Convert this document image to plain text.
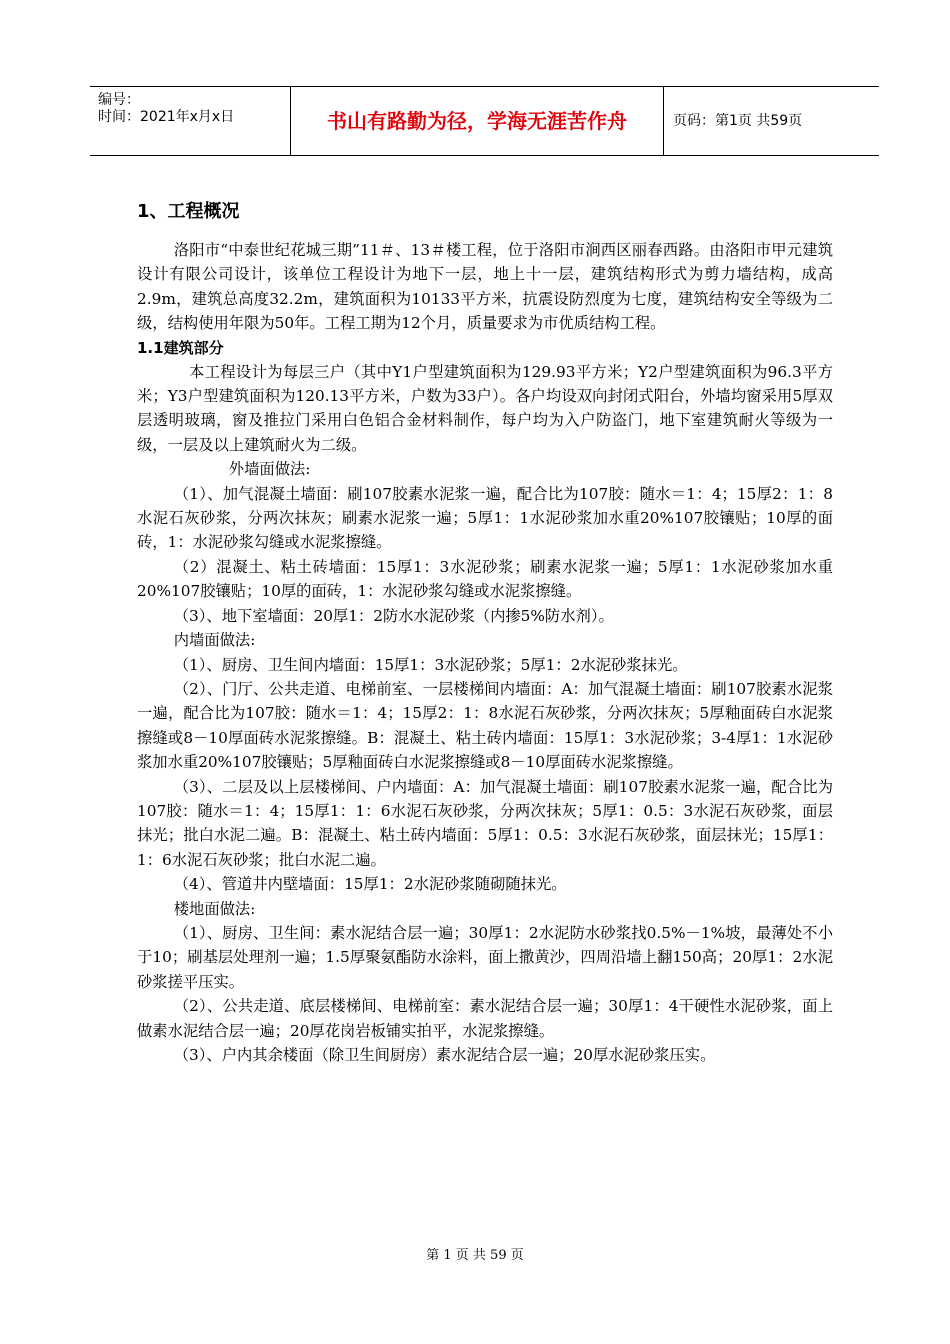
编号：
时间：2021年x月x日	书山有路勤为径，学海无涯苦作舟	页码：第1页 共59页
1、工程概况

洛阳市“中泰世纪花城三期”11＃、13＃楼工程，位于洛阳市涧西区丽春西路。由洛阳市甲元建筑设计有限公司设计，该单位工程设计为地下一层，地上十一层，建筑结构形式为剪力墙结构，成高2.9m，建筑总高度32.2m，建筑面积为10133平方米，抗震设防烈度为七度，建筑结构安全等级为二级，结构使用年限为50年。工程工期为12个月，质量要求为市优质结构工程。

1.1建筑部分

本工程设计为每层三户（其中Y1户型建筑面积为129.93平方米；Y2户型建筑面积为96.3平方米；Y3户型建筑面积为120.13平方米，户数为33户）。各户均设双向封闭式阳台，外墙均窗采用5厚双层透明玻璃，窗及推拉门采用白色铝合金材料制作，每户均为入户防盗门，地下室建筑耐火等级为一级，一层及以上建筑耐火为二级。

外墙面做法:

（1）、加气混凝土墙面：刷107胶素水泥浆一遍，配合比为107胶：随水＝1：4；15厚2：1：8水泥石灰砂浆，分两次抹灰；刷素水泥浆一遍；5厚1：1水泥砂浆加水重20%107胶镶贴；10厚的面砖，1：水泥砂浆勾缝或水泥浆擦缝。

（2）混凝土、粘土砖墙面：15厚1：3水泥砂浆；刷素水泥浆一遍；5厚1：1水泥砂浆加水重20%107胶镶贴；10厚的面砖，1：水泥砂浆勾缝或水泥浆擦缝。

（3）、地下室墙面：20厚1：2防水水泥砂浆（内掺5%防水剂）。

内墙面做法:

（1）、厨房、卫生间内墙面：15厚1：3水泥砂浆；5厚1：2水泥砂浆抹光。

（2）、门厅、公共走道、电梯前室、一层楼梯间内墙面：A：加气混凝土墙面：刷107胶素水泥浆一遍，配合比为107胶：随水＝1：4；15厚2：1：8水泥石灰砂浆，分两次抹灰；5厚釉面砖白水泥浆擦缝或8－10厚面砖水泥浆擦缝。B：混凝土、粘土砖内墙面：15厚1：3水泥砂浆；3-4厚1：1水泥砂浆加水重20%107胶镶贴；5厚釉面砖白水泥浆擦缝或8－10厚面砖水泥浆擦缝。

（3）、二层及以上层楼梯间、户内墙面：A：加气混凝土墙面：刷107胶素水泥浆一遍，配合比为107胶：随水＝1：4；15厚1：1：6水泥石灰砂浆，分两次抹灰；5厚1：0.5：3水泥石灰砂浆，面层抹光；批白水泥二遍。B：混凝土、粘土砖内墙面：5厚1：0.5：3水泥石灰砂浆，面层抹光；15厚1：1：6水泥石灰砂浆；批白水泥二遍。

（4）、管道井内壁墙面：15厚1：2水泥砂浆随砌随抹光。

楼地面做法:

（1）、厨房、卫生间：素水泥结合层一遍；30厚1：2水泥防水砂浆找0.5%－1%坡，最薄处不小于10；刷基层处理剂一遍；1.5厚聚氨酯防水涂料，面上撒黄沙，四周沿墙上翻150高；20厚1：2水泥砂浆搓平压实。

（2）、公共走道、底层楼梯间、电梯前室：素水泥结合层一遍；30厚1：4干硬性水泥砂浆，面上做素水泥结合层一遍；20厚花岗岩板铺实拍平，水泥浆擦缝。

（3）、户内其余楼面（除卫生间厨房）素水泥结合层一遍；20厚水泥砂浆压实。

第 1 页 共 59 页
